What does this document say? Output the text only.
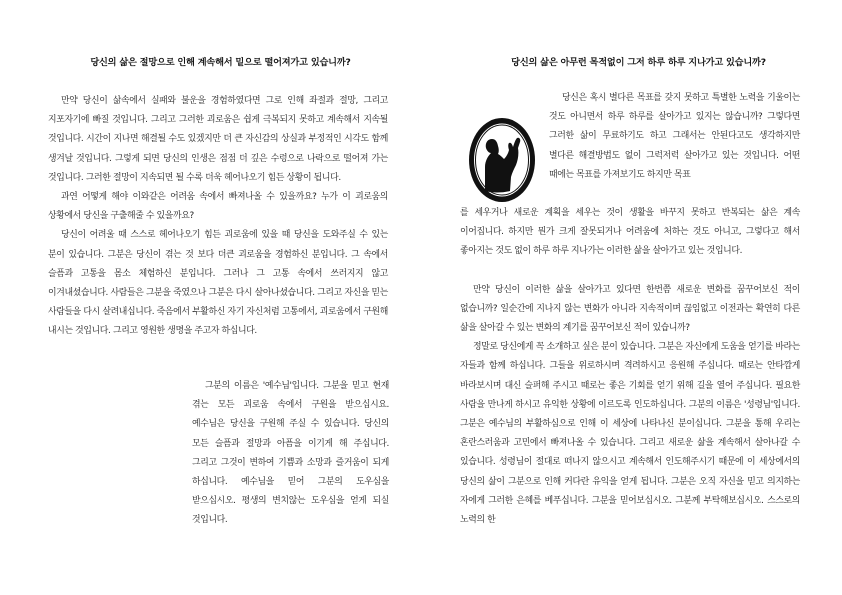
당신의 삶은 절망으로 인해 계속해서 밑으로 떨어져가고 있습니까?

만약 당신이 삶속에서 실패와 불운을 경험하였다면 그로 인해 좌절과 절망, 그리고 지포자기에 빠질 것입니다. 그리고 그러한 괴로움은 쉽게 극복되지 못하고 계속해서 지속될 것입니다. 시간이 지나면 해결될 수도 있겠지만 더 큰 자신감의 상실과 부정적인 시각도 함께 생겨날 것입니다. 그렇게 되면 당신의 인생은 점점 더 깊은 수렁으로 나락으로 떨어져 가는 것입니다. 그러한 절망이 지속되면 될 수록 더욱 헤어나오기 힘든 상황이 됩니다.

과연 어떻게 해야 이와같은 어려움 속에서 빠져나올 수 있을까요? 누가 이 괴로움의 상황에서 당신을 구출해줄 수 있을까요?

당신이 어려울 때 스스로 헤어나오기 힘든 괴로움에 있을 때 당신을 도와주실 수 있는 분이 있습니다. 그분은 당신이 겪는 것 보다 더큰 괴로움을 경험하신 분입니다. 그 속에서 슬픔과 고통을 몸소 체험하신 분입니다. 그러나 그 고통 속에서 쓰러지지 않고 이겨내셨습니다. 사람들은 그분을 죽였으나 그분은 다시 살아나셨습니다. 그리고 자신을 믿는 사람들을 다시 살려내십니다. 죽음에서 부활하신 자기 자신처럼 고통에서, 괴로움에서 구원해 내시는 것입니다. 그리고 영원한 생명을 주고자 하십니다.

그분의 이름은 '예수님'입니다. 그분을 믿고 현재 겪는 모든 괴로움 속에서 구원을 받으십시요. 예수님은 당신을 구원해 주실 수 있습니다. 당신의 모든 슬픔과 절망과 아픔을 이기게 해 주십니다. 그리고 그것이 변하여 기쁨과 소망과 즐거움이 되게 하십니다. 예수님을 믿어 그분의 도우심을 받으십시오. 평생의 변치않는 도우심을 얻게 되실 것입니다.

당신의 삶은 아무런 목적없이 그저 하루 하루 지나가고 있습니까?

당신은 혹시 별다른 목표를 갖지 못하고 특별한 노력을 기울이는 것도 아니면서 하루 하루를 살아가고 있지는 않습니까? 그렇다면 그러한 삶이 무료하기도 하고 그래서는 안된다고도 생각하지만 별다른 해결방법도 없이 그럭저럭 살아가고 있는 것입니다. 어떤 때에는 목표를 가져보기도 하지만 목표

를 세우거나 새로운 계획을 세우는 것이 생활을 바꾸지 못하고 반복되는 삶은 계속 이어집니다. 하지만 뭔가 크게 잘못되거나 어려움에 처하는 것도 아니고, 그렇다고 해서 좋아지는 것도 없이 하루 하루 지나가는 이러한 삶을 살아가고 있는 것입니다.

만약 당신이 이러한 삶을 살아가고 있다면 한번쯤 새로운 변화를 꿈꾸어보신 적이 없습니까? 일순간에 지나지 않는 변화가 아니라 지속적이며 끊임없고 이전과는 확연히 다른 삶을 살아갈 수 있는 변화의 계기를 꿈꾸어보신 적이 있습니까?

정말로 당신에게 꼭 소개하고 싶은 분이 있습니다. 그분은 자신에게 도움을 얻기를 바라는 자들과 함께 하십니다. 그들을 위로하시며 격려하시고 응원해 주십니다. 때로는 안타깝게 바라보시며 대신 슬퍼해 주시고 때로는 좋은 기회를 얻기 위해 길을 열어 주십니다. 필요한 사람을 만나게 하시고 유익한 상황에 이르도록 인도하십니다. 그분의 이름은 '성령님'입니다. 그분은 예수님의 부활하심으로 인해 이 세상에 나타나신 분이십니다. 그분을 통해 우리는 혼란스러움과 고민에서 빠져나올 수 있습니다. 그리고 새로운 삶을 계속해서 살아나갈 수 있습니다. 성령님이 절대로 떠나지 않으시고 계속해서 인도해주시기 때문에 이 세상에서의 당신의 삶이 그분으로 인해 커다란 유익을 얻게 됩니다. 그분은 오직 자신을 믿고 의지하는 자에게 그러한 은혜를 베푸십니다. 그분을 믿어보십시오. 그분께 부탁해보십시오. 스스로의 노력의 한
